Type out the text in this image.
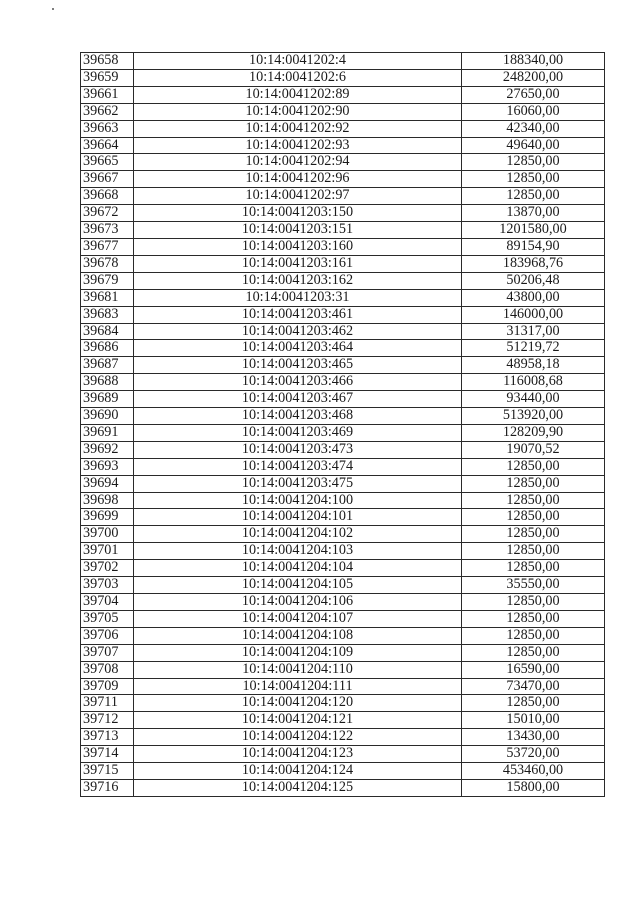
39658	10:14:0041202:4	188340,00
39659	10:14:0041202:6	248200,00
39661	10:14:0041202:89	27650,00
39662	10:14:0041202:90	16060,00
39663	10:14:0041202:92	42340,00
39664	10:14:0041202:93	49640,00
39665	10:14:0041202:94	12850,00
39667	10:14:0041202:96	12850,00
39668	10:14:0041202:97	12850,00
39672	10:14:0041203:150	13870,00
39673	10:14:0041203:151	1201580,00
39677	10:14:0041203:160	89154,90
39678	10:14:0041203:161	183968,76
39679	10:14:0041203:162	50206,48
39681	10:14:0041203:31	43800,00
39683	10:14:0041203:461	146000,00
39684	10:14:0041203:462	31317,00
39686	10:14:0041203:464	51219,72
39687	10:14:0041203:465	48958,18
39688	10:14:0041203:466	116008,68
39689	10:14:0041203:467	93440,00
39690	10:14:0041203:468	513920,00
39691	10:14:0041203:469	128209,90
39692	10:14:0041203:473	19070,52
39693	10:14:0041203:474	12850,00
39694	10:14:0041203:475	12850,00
39698	10:14:0041204:100	12850,00
39699	10:14:0041204:101	12850,00
39700	10:14:0041204:102	12850,00
39701	10:14:0041204:103	12850,00
39702	10:14:0041204:104	12850,00
39703	10:14:0041204:105	35550,00
39704	10:14:0041204:106	12850,00
39705	10:14:0041204:107	12850,00
39706	10:14:0041204:108	12850,00
39707	10:14:0041204:109	12850,00
39708	10:14:0041204:110	16590,00
39709	10:14:0041204:111	73470,00
39711	10:14:0041204:120	12850,00
39712	10:14:0041204:121	15010,00
39713	10:14:0041204:122	13430,00
39714	10:14:0041204:123	53720,00
39715	10:14:0041204:124	453460,00
39716	10:14:0041204:125	15800,00
